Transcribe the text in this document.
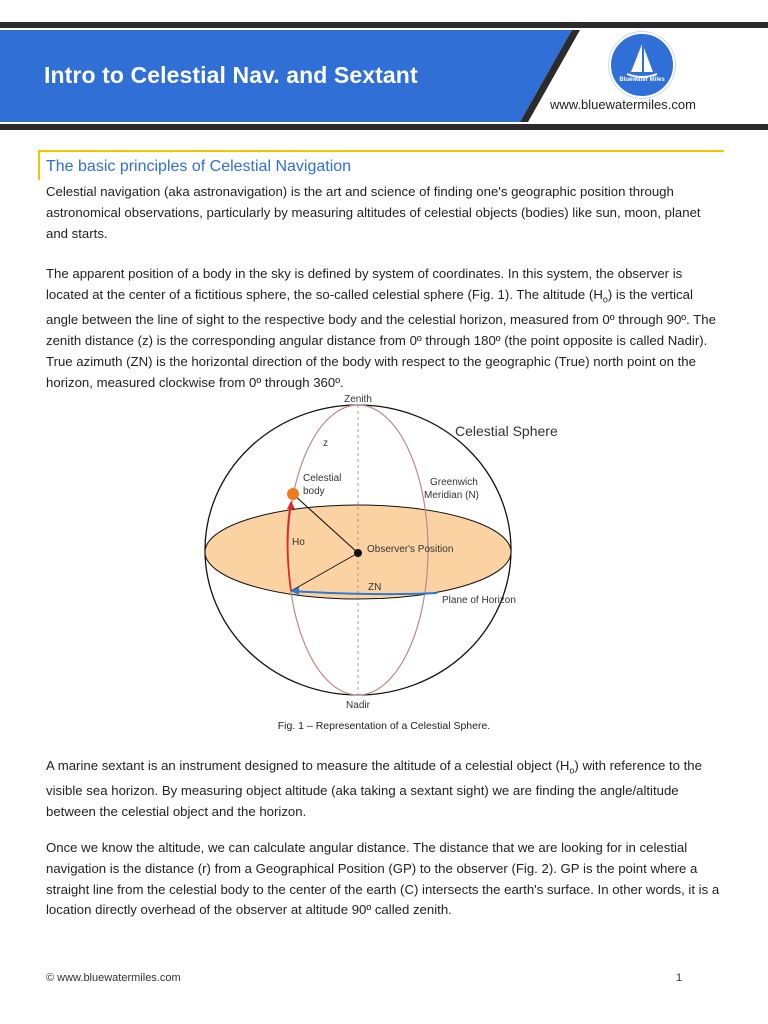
Intro to Celestial Nav. and Sextant	Bluewater Miles
www.bluewatermiles.com
The basic principles of Celestial Navigation

Celestial navigation (aka astronavigation) is the art and science of finding one's geographic position through astronomical observations, particularly by measuring altitudes of celestial objects (bodies) like sun, moon, planet and starts.

The apparent position of a body in the sky is defined by system of coordinates. In this system, the observer is located at the center of a fictitious sphere, the so-called celestial sphere (Fig. 1). The altitude $(H_o)$ is the vertical angle between the line of sight to the respective body and the celestial horizon, measured from 0º through 90º. The zenith distance (z) is the corresponding angular distance from 0º through 180º (the point opposite is called Nadir). True azimuth (ZN) is the horizontal direction of the body with respect to the geographic (True) north point on the horizon, measured clockwise from 0º through 360º.

Zenith
Celestial Sphere
z
Celestial
body
Greenwich
Meridian (N)
Ho
Observer's Position
ZN
Plane of Horizon
Nadir
Fig. 1 – Representation of a Celestial Sphere.

A marine sextant is an instrument designed to measure the altitude of a celestial object $(H_o)$ with reference to the visible sea horizon. By measuring object altitude (aka taking a sextant sight) we are finding the angle/altitude between the celestial object and the horizon.

Once we know the altitude, we can calculate angular distance. The distance that we are looking for in celestial navigation is the distance (r) from a Geographical Position (GP) to the observer (Fig. 2). GP is the point where a straight line from the celestial body to the center of the earth (C) intersects the earth's surface. In other words, it is a location directly overhead of the observer at altitude 90º called zenith.

© www.bluewatermiles.com	1
